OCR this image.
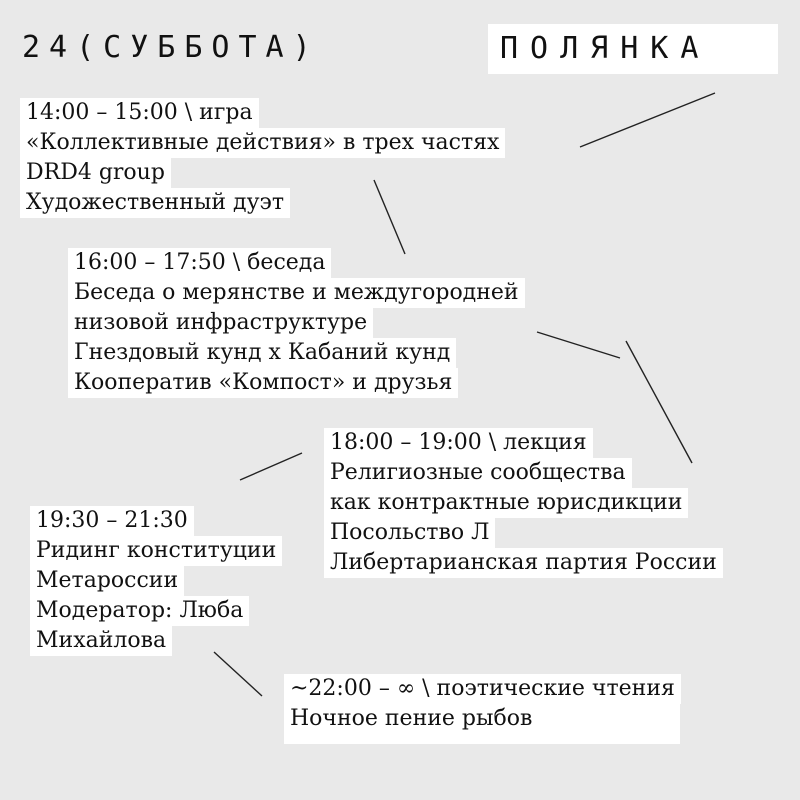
24(СУББОТА)	ПОЛЯНКА
14:00 – 15:00 \ игра
«Коллективные действия» в трех частях
DRD4 group
Художественный дуэт
16:00 – 17:50 \ беседа
Беседа о мерянстве и междугородней
низовой инфраструктуре
Гнездовый кунд х Кабаний кунд
Кооператив «Компост» и друзья
18:00 – 19:00 \ лекция
Религиозные сообщества
как контрактные юрисдикции
Посольство Л
Либертарианская партия России
19:30 – 21:30
Ридинг конституции
Метароссии
Модератор: Люба
Михайлова
~22:00 – ∞ \ поэтические чтения
Ночное пение рыбов
